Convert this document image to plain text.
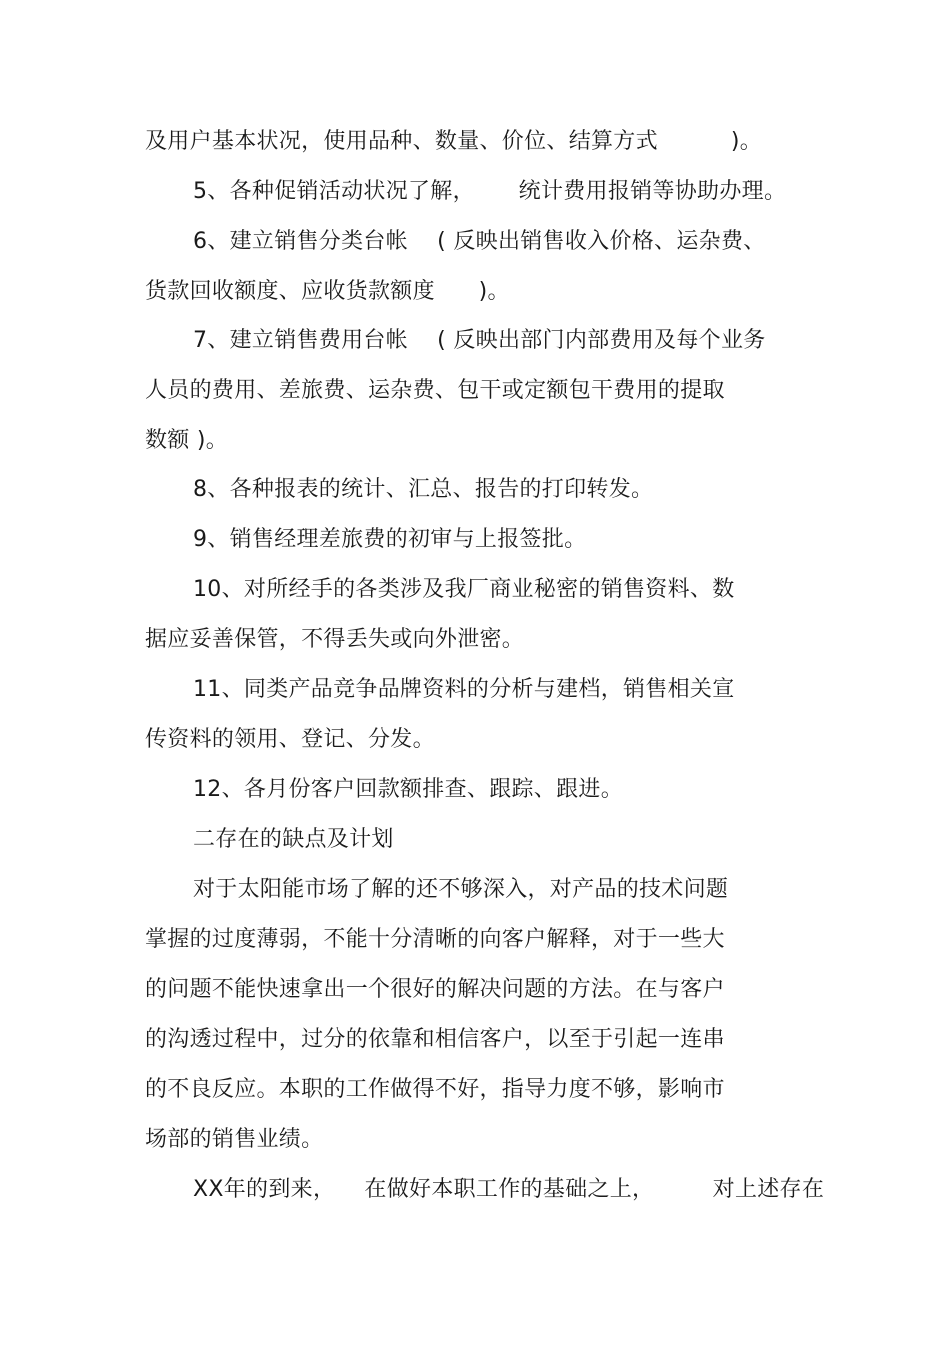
及用户基本状况，使用品种、数量、价位、结算方式          )。
5、各种促销活动状况了解，      统计费用报销等协助办理。
6、建立销售分类台帐    ( 反映出销售收入价格、运杂费、
货款回收额度、应收货款额度      )。
7、建立销售费用台帐    ( 反映出部门内部费用及每个业务
人员的费用、差旅费、运杂费、包干或定额包干费用的提取
数额 )。
8、各种报表的统计、汇总、报告的打印转发。
9、销售经理差旅费的初审与上报签批。
10、对所经手的各类涉及我厂商业秘密的销售资料、数
据应妥善保管，不得丢失或向外泄密。
11、同类产品竞争品牌资料的分析与建档，销售相关宣
传资料的领用、登记、分发。
12、各月份客户回款额排查、跟踪、跟进。
二存在的缺点及计划
对于太阳能市场了解的还不够深入，对产品的技术问题
掌握的过度薄弱，不能十分清晰的向客户解释，对于一些大
的问题不能快速拿出一个很好的解决问题的方法。在与客户
的沟透过程中，过分的依靠和相信客户，以至于引起一连串
的不良反应。本职的工作做得不好，指导力度不够，影响市
场部的销售业绩。
XX年的到来，    在做好本职工作的基础之上，        对上述存在
